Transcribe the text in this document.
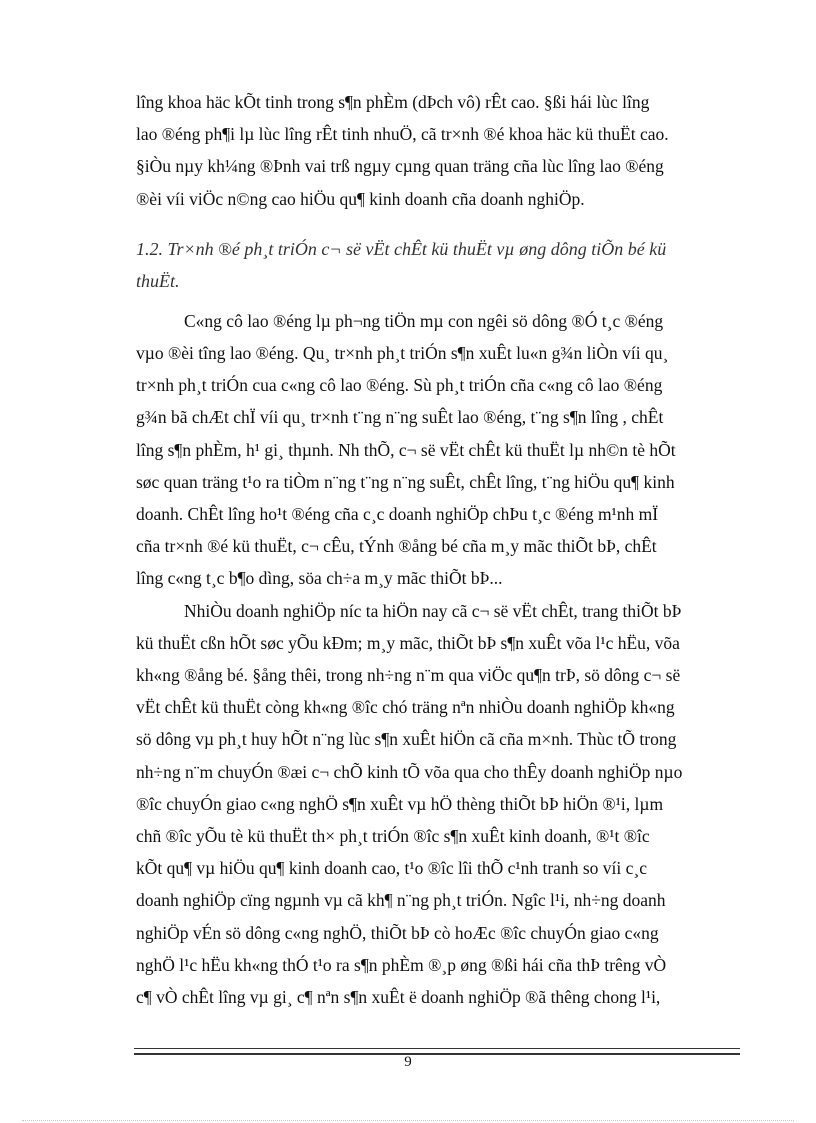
lîng khoa häc kÕt tinh trong s¶n phÈm (dÞch vô) rÊt cao. §ßi hái lùc lîng
lao ®éng ph¶i lµ lùc lîng rÊt tinh nhuÖ, cã tr×nh ®é khoa häc kü thuËt cao.
§iÒu nµy kh¼ng ®Þnh vai trß ngµy cµng quan träng cña lùc lîng lao ®éng
®èi víi viÖc n©ng cao hiÖu qu¶ kinh doanh cña doanh nghiÖp.

1.2. Tr×nh ®é ph¸t triÓn c¬ së vËt chÊt kü thuËt vµ øng dông tiÕn bé kü
thuËt.

C«ng cô lao ®éng lµ ph¬ng tiÖn mµ con ngêi sö dông ®Ó t¸c ®éng
vµo ®èi tîng lao ®éng. Qu¸ tr×nh ph¸t triÓn s¶n xuÊt lu«n g¾n liÒn víi qu¸
tr×nh ph¸t triÓn cua c«ng cô lao ®éng. Sù ph¸t triÓn cña c«ng cô lao ®éng
g¾n bã chÆt chÏ víi qu¸ tr×nh t¨ng n¨ng suÊt lao ®éng, t¨ng s¶n lîng , chÊt
lîng s¶n phÈm, h¹ gi¸ thµnh. Nh thÕ, c¬ së vËt chÊt kü thuËt lµ nh©n tè hÕt
søc quan träng t¹o ra tiÒm n¨ng t¨ng n¨ng suÊt, chÊt lîng, t¨ng hiÖu qu¶ kinh
doanh. ChÊt lîng ho¹t ®éng cña c¸c doanh nghiÖp chÞu t¸c ®éng m¹nh mÏ
cña tr×nh ®é kü thuËt, c¬ cÊu, tÝnh ®ång bé cña m¸y mãc thiÕt bÞ, chÊt
lîng c«ng t¸c b¶o dìng, söa ch÷a m¸y mãc thiÕt bÞ...

NhiÒu doanh nghiÖp níc ta hiÖn nay cã c¬ së vËt chÊt, trang thiÕt bÞ
kü thuËt cßn hÕt søc yÕu kÐm; m¸y mãc, thiÕt bÞ s¶n xuÊt võa l¹c hËu, võa
kh«ng ®ång bé. §ång thêi, trong nh÷ng n¨m qua viÖc qu¶n trÞ, sö dông c¬ së
vËt chÊt kü thuËt còng kh«ng ®îc chó träng nªn nhiÒu doanh nghiÖp kh«ng
sö dông vµ ph¸t huy hÕt n¨ng lùc s¶n xuÊt hiÖn cã cña m×nh. Thùc tÕ trong
nh÷ng n¨m chuyÓn ®æi c¬ chÕ kinh tÕ võa qua cho thÊy doanh nghiÖp nµo
®îc chuyÓn giao c«ng nghÖ s¶n xuÊt vµ hÖ thèng thiÕt bÞ hiÖn ®¹i, lµm
chñ ®îc yÕu tè kü thuËt th× ph¸t triÓn ®îc s¶n xuÊt kinh doanh, ®¹t ®îc
kÕt qu¶ vµ hiÖu qu¶ kinh doanh cao, t¹o ®îc lîi thÕ c¹nh tranh so víi c¸c
doanh nghiÖp cïng ngµnh vµ cã kh¶ n¨ng ph¸t triÓn. Ngîc l¹i, nh÷ng doanh
nghiÖp vÉn sö dông c«ng nghÖ, thiÕt bÞ cò hoÆc ®îc chuyÓn giao c«ng
nghÖ l¹c hËu kh«ng thÓ t¹o ra s¶n phÈm ®¸p øng ®ßi hái cña thÞ trêng vÒ
c¶ vÒ chÊt lîng vµ gi¸ c¶ nªn s¶n xuÊt ë doanh nghiÖp ®ã thêng chong l¹i,

9
